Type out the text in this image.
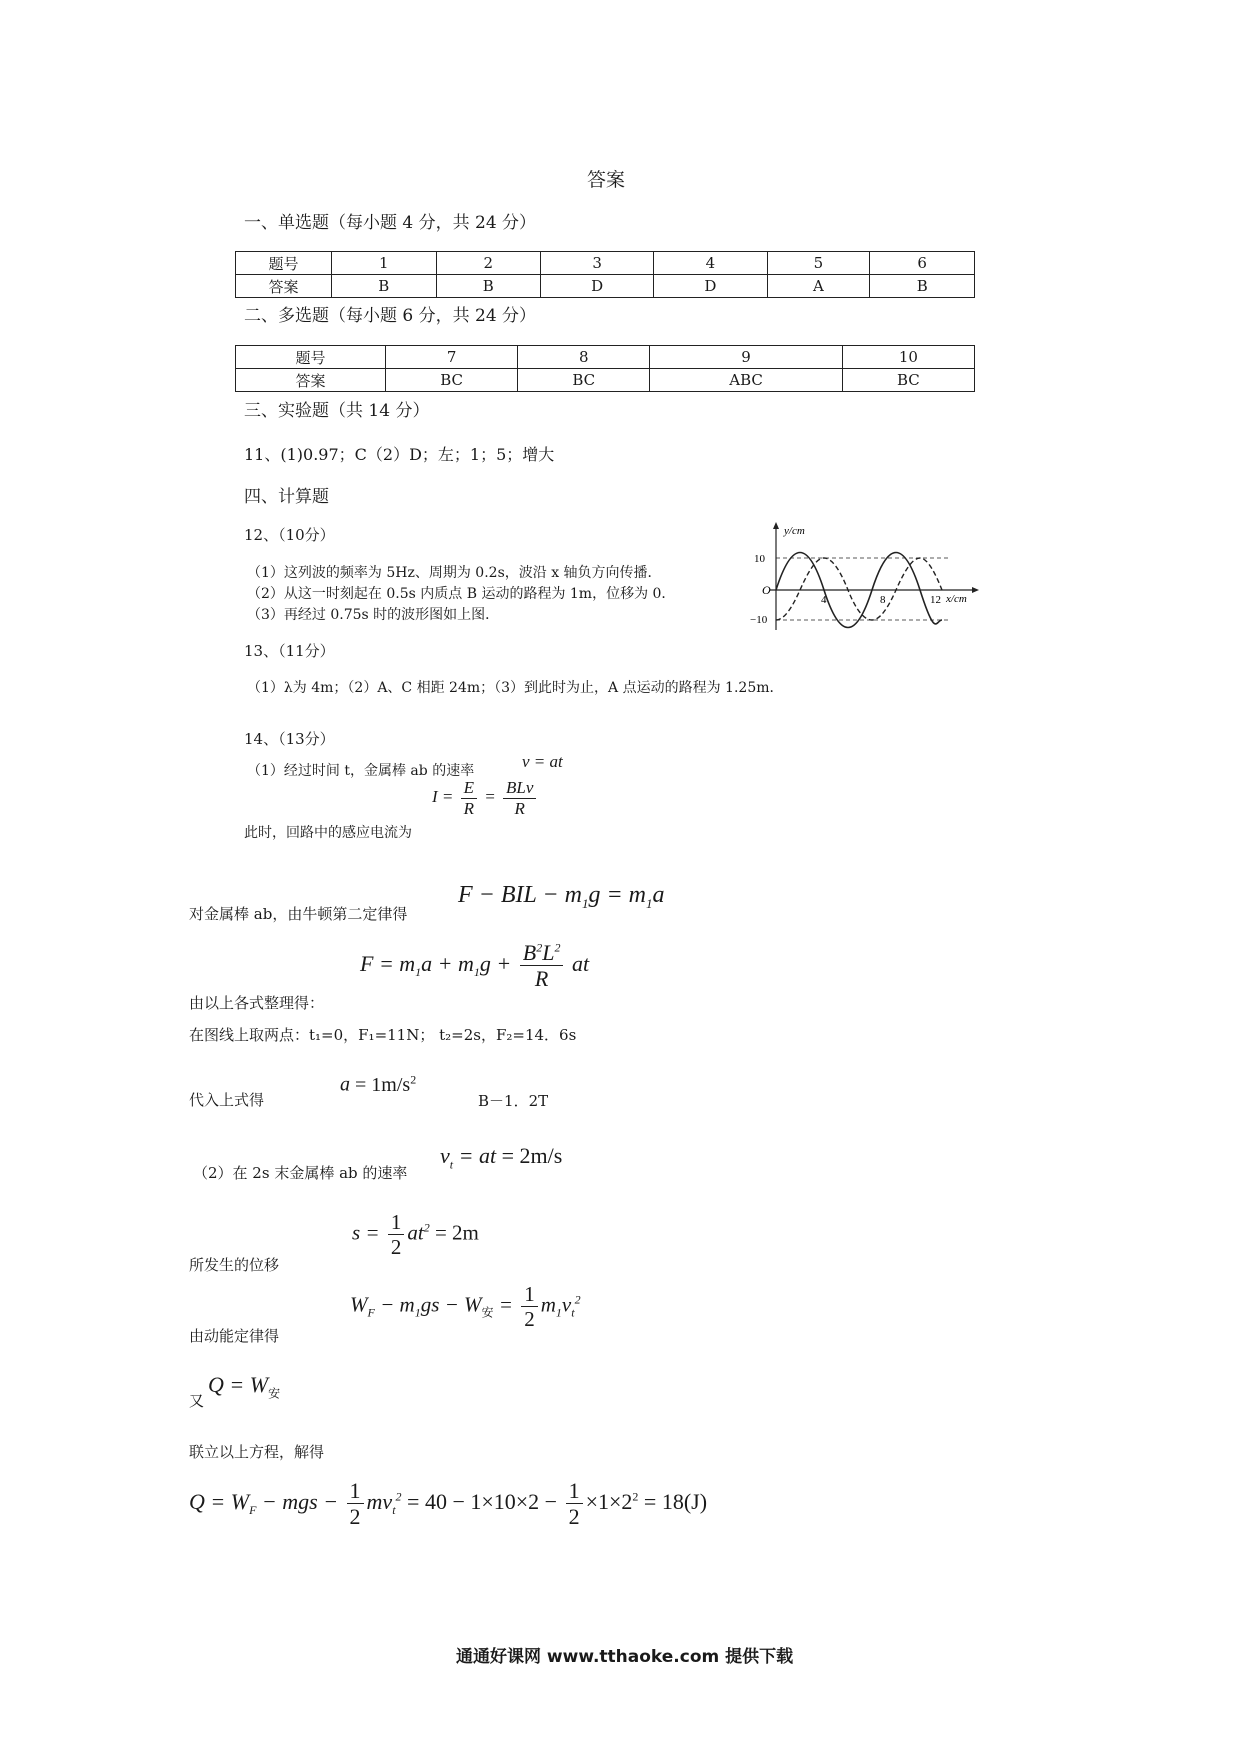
答案
一、单选题（每小题 4 分，共 24 分）
题号	1	2	3	4	5	6
答案	B	B	D	D	A	B
二、多选题（每小题 6 分，共 24 分）
题号	7	8	9	10
答案	BC	BC	ABC	BC
三、实验题（共 14 分）
11、(1)0.97；C（2）D；左；1；5；增大
四、计算题
12、（10分）
（1）这列波的频率为 5Hz、周期为 0.2s，波沿 x 轴负方向传播．
（2）从这一时刻起在 0.5s 内质点 B 运动的路程为 1m，位移为 0．
（3）再经过 0.75s 时的波形图如上图．
y/cm
x/cm
O
10
−10
4	8	12
13、（11分）
（1）λ为 4m；（2）A、C 相距 24m；（3）到此时为止，A 点运动的路程为 1.25m．
14、（13分）
（1）经过时间 t，金属棒 ab 的速率	v = at
此时，回路中的感应电流为
$I = \frac{E}{R} = \frac{\text{BLv}}{R}$
对金属棒 ab，由牛顿第二定律得
F − BIL − $m_1g = m_1a$
$F = m_1a + m_1g + \frac{B^2L^2}{R}$ at
由以上各式整理得：
在图线上取两点：t₁=0，F₁=11N； t₂=2s，F₂=14．6s
代入上式得
$a = 1m/s^2$
B－1．2T
（2）在 2s 末金属棒 ab 的速率
$v_t$ = at = 2m/s
所发生的位移
$s = \frac{1}{2} at^2 = 2m$
由动能定律得
$W_F - m_1gs - W_安 = \frac{1}{2} m_1v_t^2$
又
$Q = W_安$
联立以上方程，解得
$Q = W_F$ − mgs − $\frac{1}{2} mv_t^2 = 40 - 1\times 10\times 2 - \frac{1}{2} \times 1\times 2^2 = 18(J)$
通通好课网 www.tthaoke.com 提供下载
